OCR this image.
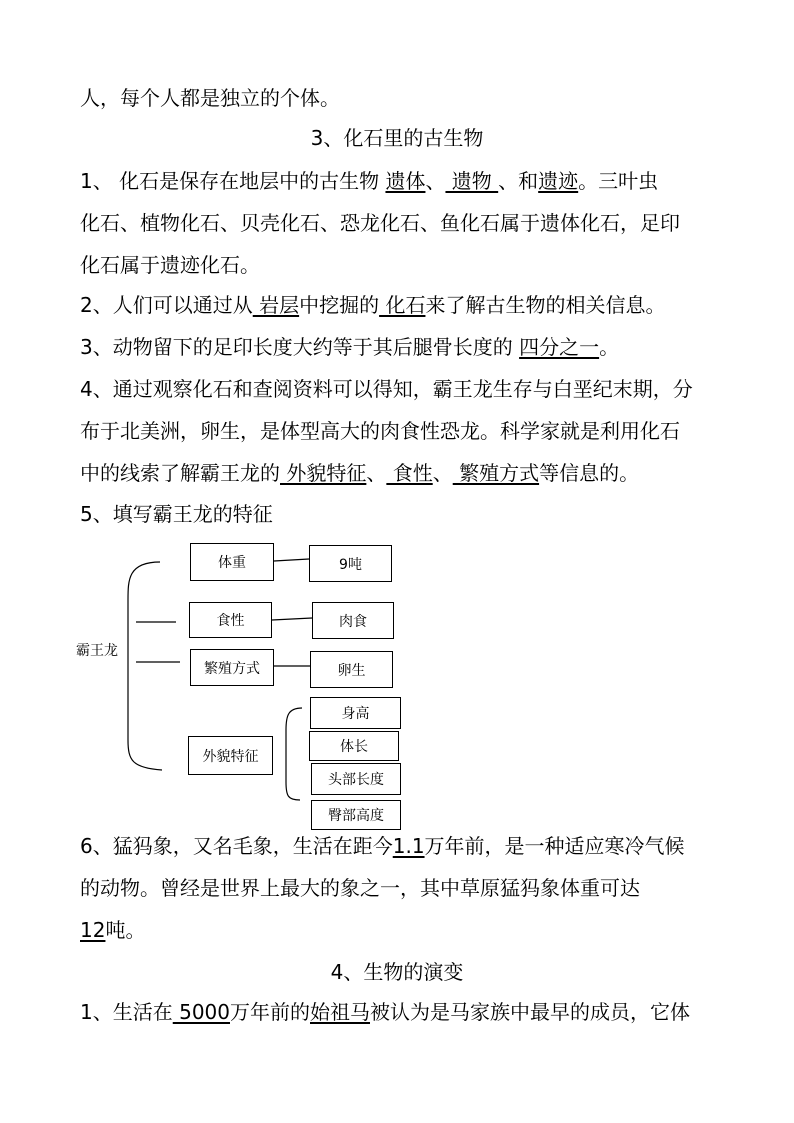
人，每个人都是独立的个体。
3、化石里的古生物
1、 化石是保存在地层中的古生物 遗体、 遗物 、和遗迹。三叶虫
化石、植物化石、贝壳化石、恐龙化石、鱼化石属于遗体化石，足印
化石属于遗迹化石。
2、人们可以通过从 岩层中挖掘的 化石来了解古生物的相关信息。
3、动物留下的足印长度大约等于其后腿骨长度的 四分之一。
4、通过观察化石和查阅资料可以得知，霸王龙生存与白垩纪末期，分
布于北美洲，卵生，是体型高大的肉食性恐龙。科学家就是利用化石
中的线索了解霸王龙的 外貌特征、 食性、 繁殖方式等信息的。
5、填写霸王龙的特征
霸王龙
体重	9吨
食性	肉食
繁殖方式	卵生
外貌特征
身高
体长
头部长度
臀部高度
6、猛犸象，又名毛象，生活在距今1.1万年前，是一种适应寒冷气候
的动物。曾经是世界上最大的象之一，其中草原猛犸象体重可达
12吨。
4、生物的演变
1、生活在 5000万年前的始祖马被认为是马家族中最早的成员，它体
